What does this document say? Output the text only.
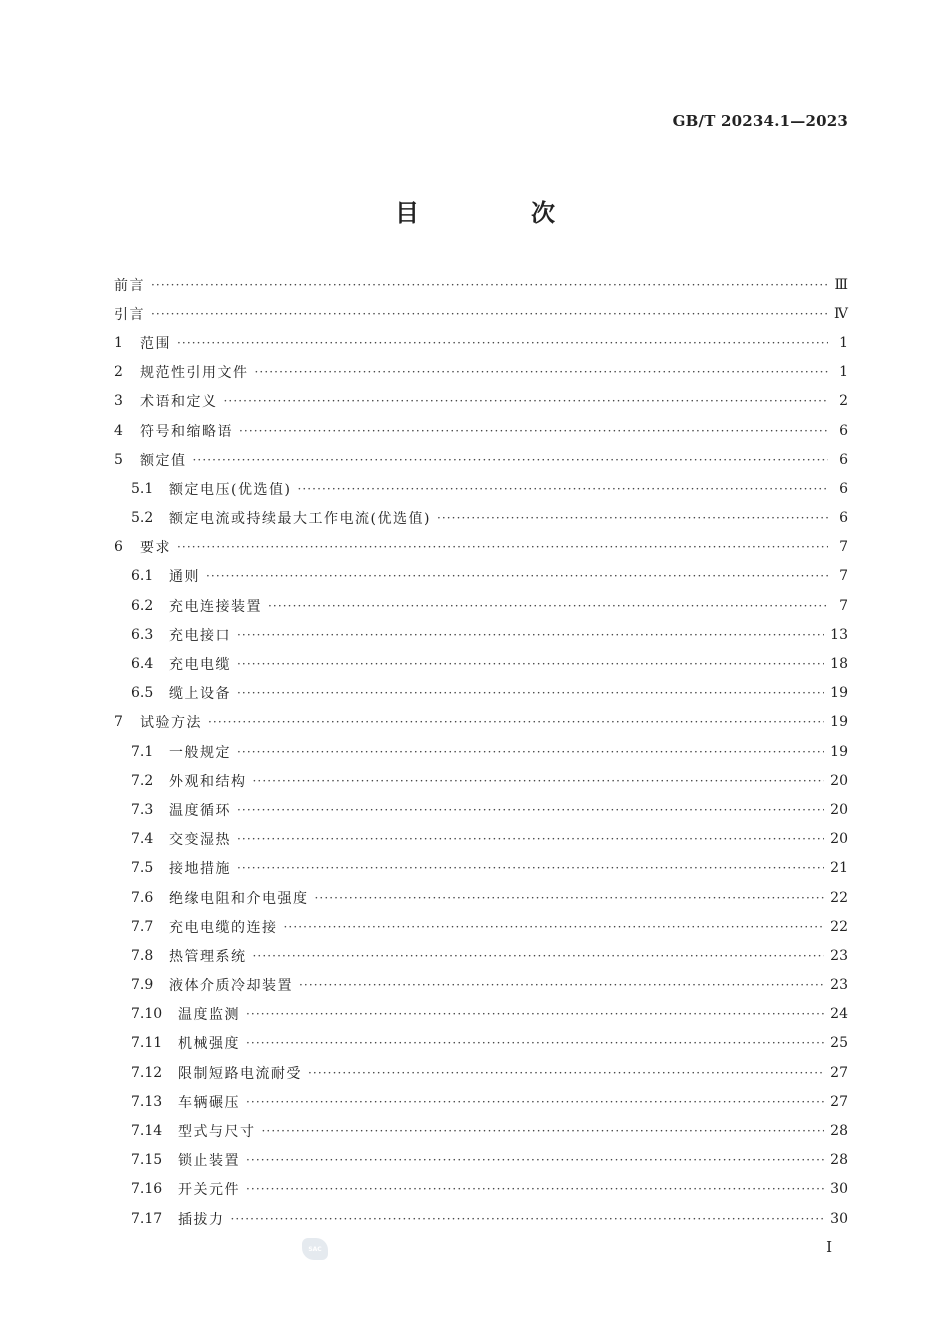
GB/T 20234.1—2023
目　次
前言 ·····	Ⅲ
引言 ·····	Ⅳ
1	范围 ·····	1
2	规范性引用文件 ·····	1
3	术语和定义 ·····	2
4	符号和缩略语 ·····	6
5	额定值 ·····	6
5.1	额定电压(优选值) ·····	6
5.2	额定电流或持续最大工作电流(优选值) ·····	6
6	要求 ·····	7
6.1	通则 ·····	7
6.2	充电连接装置 ·····	7
6.3	充电接口 ·····	13
6.4	充电电缆 ·····	18
6.5	缆上设备 ·····	19
7	试验方法 ·····	19
7.1	一般规定 ·····	19
7.2	外观和结构 ·····	20
7.3	温度循环 ·····	20
7.4	交变湿热 ·····	20
7.5	接地措施 ·····	21
7.6	绝缘电阻和介电强度 ·····	22
7.7	充电电缆的连接 ·····	22
7.8	热管理系统 ·····	23
7.9	液体介质冷却装置 ·····	23
7.10	温度监测 ·····	24
7.11	机械强度 ·····	25
7.12	限制短路电流耐受 ·····	27
7.13	车辆碾压 ·····	27
7.14	型式与尺寸 ·····	28
7.15	锁止装置 ·····	28
7.16	开关元件 ·····	30
7.17	插拔力 ·····	30
SAC	Ⅰ
